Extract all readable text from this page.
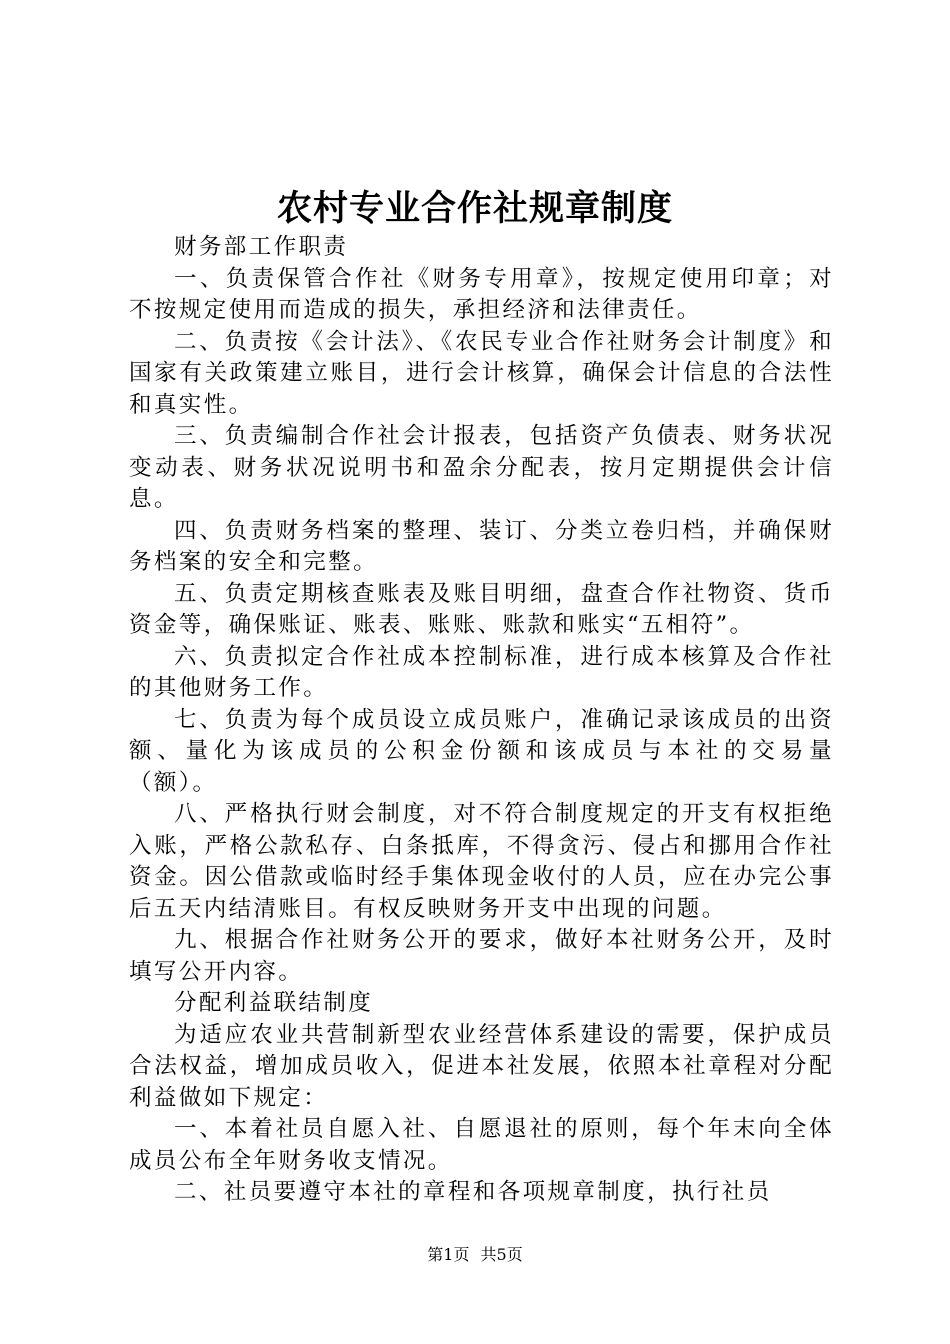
农村专业合作社规章制度

财务部工作职责

一、负责保管合作社《财务专用章》，按规定使用印章；对不按规定使用而造成的损失，承担经济和法律责任。

二、负责按《会计法》、《农民专业合作社财务会计制度》和国家有关政策建立账目，进行会计核算，确保会计信息的合法性和真实性。

三、负责编制合作社会计报表，包括资产负债表、财务状况变动表、财务状况说明书和盈余分配表，按月定期提供会计信息。

四、负责财务档案的整理、装订、分类立卷归档，并确保财务档案的安全和完整。

五、负责定期核查账表及账目明细，盘查合作社物资、货币资金等，确保账证、账表、账账、账款和账实“五相符”。

六、负责拟定合作社成本控制标准，进行成本核算及合作社的其他财务工作。

七、负责为每个成员设立成员账户，准确记录该成员的出资额、量化为该成员的公积金份额和该成员与本社的交易量（额）。

八、严格执行财会制度，对不符合制度规定的开支有权拒绝入账，严格公款私存、白条抵库，不得贪污、侵占和挪用合作社资金。因公借款或临时经手集体现金收付的人员，应在办完公事后五天内结清账目。有权反映财务开支中出现的问题。

九、根据合作社财务公开的要求，做好本社财务公开，及时填写公开内容。

分配利益联结制度

为适应农业共营制新型农业经营体系建设的需要，保护成员合法权益，增加成员收入，促进本社发展，依照本社章程对分配利益做如下规定：

一、本着社员自愿入社、自愿退社的原则，每个年末向全体成员公布全年财务收支情况。

二、社员要遵守本社的章程和各项规章制度，执行社员

第1页 共5页
